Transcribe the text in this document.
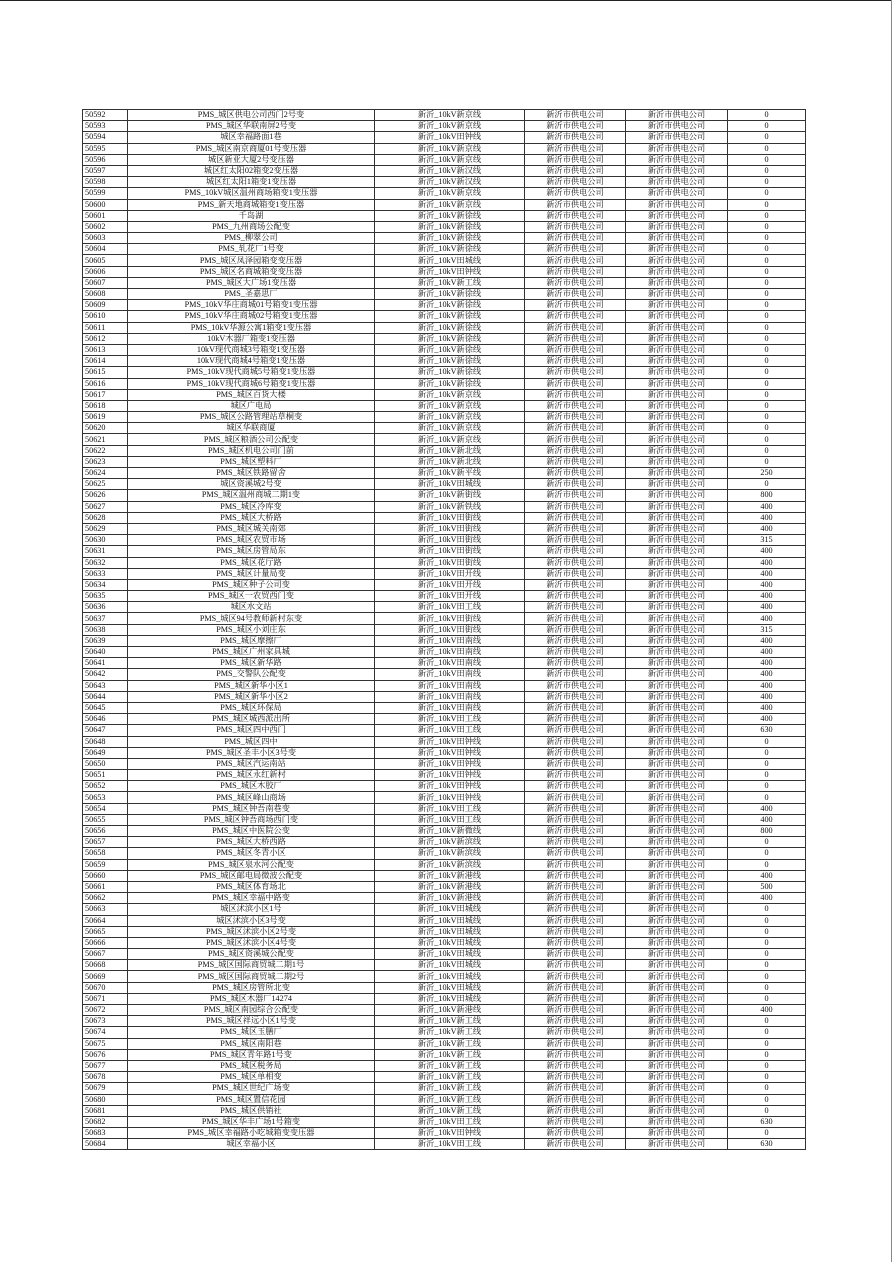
50592	PMS_城区供电公司西门2号变	新沂_10kV新京线	新沂市供电公司	新沂市供电公司	0
50593	PMS_城区华联南屏2号变	新沂_10kV新京线	新沂市供电公司	新沂市供电公司	0
50594	城区幸福路面1巷	新沂_10kV田钟线	新沂市供电公司	新沂市供电公司	0
50595	PMS_城区南京商厦01号变压器	新沂_10kV新京线	新沂市供电公司	新沂市供电公司	0
50596	城区新亚大厦2号变压器	新沂_10kV新京线	新沂市供电公司	新沂市供电公司	0
50597	城区红太阳02箱变2变压器	新沂_10kV新汉线	新沂市供电公司	新沂市供电公司	0
50598	城区红太阳1箱变1变压器	新沂_10kV新汉线	新沂市供电公司	新沂市供电公司	0
50599	PMS_10kV城区温州商场箱变1变压器	新沂_10kV新京线	新沂市供电公司	新沂市供电公司	0
50600	PMS_新天地商城箱变1变压器	新沂_10kV新京线	新沂市供电公司	新沂市供电公司	0
50601	千岛湖	新沂_10kV新徐线	新沂市供电公司	新沂市供电公司	0
50602	PMS_九州商场公配变	新沂_10kV新徐线	新沂市供电公司	新沂市供电公司	0
50603	PMS_柳翠公司	新沂_10kV新徐线	新沂市供电公司	新沂市供电公司	0
50604	PMS_轧花厂1号变	新沂_10kV新徐线	新沂市供电公司	新沂市供电公司	0
50605	PMS_城区凤泽园箱变变压器	新沂_10kV田城线	新沂市供电公司	新沂市供电公司	0
50606	PMS_城区名商城箱变变压器	新沂_10kV田钟线	新沂市供电公司	新沂市供电公司	0
50607	PMS_城区大广场1变压器	新沂_10kV新工线	新沂市供电公司	新沂市供电公司	0
50608	PMS_圣嘉思厂	新沂_10kV新徐线	新沂市供电公司	新沂市供电公司	0
50609	PMS_10kV华庄商城01号箱变1变压器	新沂_10kV新徐线	新沂市供电公司	新沂市供电公司	0
50610	PMS_10kV华庄商城02号箱变1变压器	新沂_10kV新徐线	新沂市供电公司	新沂市供电公司	0
50611	PMS_10kV华源公寓1箱变1变压器	新沂_10kV新徐线	新沂市供电公司	新沂市供电公司	0
50612	10kV木器厂箱变1变压器	新沂_10kV新徐线	新沂市供电公司	新沂市供电公司	0
50613	10kV现代商城3号箱变1变压器	新沂_10kV新徐线	新沂市供电公司	新沂市供电公司	0
50614	10kV现代商城4号箱变1变压器	新沂_10kV新徐线	新沂市供电公司	新沂市供电公司	0
50615	PMS_10kV现代商城5号箱变1变压器	新沂_10kV新徐线	新沂市供电公司	新沂市供电公司	0
50616	PMS_10kV现代商城6号箱变1变压器	新沂_10kV新徐线	新沂市供电公司	新沂市供电公司	0
50617	PMS_城区百货大楼	新沂_10kV新京线	新沂市供电公司	新沂市供电公司	0
50618	城区广电局	新沂_10kV新京线	新沂市供电公司	新沂市供电公司	0
50619	PMS_城区公路管理站草桐变	新沂_10kV新京线	新沂市供电公司	新沂市供电公司	0
50620	城区华联商厦	新沂_10kV新京线	新沂市供电公司	新沂市供电公司	0
50621	PMS_城区粮酒公司公配变	新沂_10kV新京线	新沂市供电公司	新沂市供电公司	0
50622	PMS_城区机电公司门前	新沂_10kV新北线	新沂市供电公司	新沂市供电公司	0
50623	PMS_城区塑料厂	新沂_10kV新北线	新沂市供电公司	新沂市供电公司	0
50624	PMS_城区铁路留舍	新沂_10kV新平线	新沂市供电公司	新沂市供电公司	250
50625	城区资溪城2号变	新沂_10kV田城线	新沂市供电公司	新沂市供电公司	0
50626	PMS_城区温州商城二期1变	新沂_10kV新街线	新沂市供电公司	新沂市供电公司	800
50627	PMS_城区冷库变	新沂_10kV新铁线	新沂市供电公司	新沂市供电公司	400
50628	PMS_城区大桥路	新沂_10kV田街线	新沂市供电公司	新沂市供电公司	400
50629	PMS_城区城关南郊	新沂_10kV田街线	新沂市供电公司	新沂市供电公司	400
50630	PMS_城区农贸市场	新沂_10kV田街线	新沂市供电公司	新沂市供电公司	315
50631	PMS_城区房管局东	新沂_10kV田街线	新沂市供电公司	新沂市供电公司	400
50632	PMS_城区花厅路	新沂_10kV田街线	新沂市供电公司	新沂市供电公司	400
50633	PMS_城区计量局变	新沂_10kV田开线	新沂市供电公司	新沂市供电公司	400
50634	PMS_城区种子公司变	新沂_10kV田开线	新沂市供电公司	新沂市供电公司	400
50635	PMS_城区一农贸西门变	新沂_10kV田开线	新沂市供电公司	新沂市供电公司	400
50636	城区水文站	新沂_10kV田工线	新沂市供电公司	新沂市供电公司	400
50637	PMS_城区94号教师新村东变	新沂_10kV田街线	新沂市供电公司	新沂市供电公司	400
50638	PMS_城区小刘庄东	新沂_10kV田街线	新沂市供电公司	新沂市供电公司	315
50639	PMS_城区摩擦厂	新沂_10kV田南线	新沂市供电公司	新沂市供电公司	400
50640	PMS_城区广州家具城	新沂_10kV田南线	新沂市供电公司	新沂市供电公司	400
50641	PMS_城区新华路	新沂_10kV田南线	新沂市供电公司	新沂市供电公司	400
50642	PMS_交警队公配变	新沂_10kV田南线	新沂市供电公司	新沂市供电公司	400
50643	PMS_城区新华小区1	新沂_10kV田南线	新沂市供电公司	新沂市供电公司	400
50644	PMS_城区新华小区2	新沂_10kV田南线	新沂市供电公司	新沂市供电公司	400
50645	PMS_城区环保局	新沂_10kV田南线	新沂市供电公司	新沂市供电公司	400
50646	PMS_城区城西派出所	新沂_10kV田工线	新沂市供电公司	新沂市供电公司	400
50647	PMS_城区四中西门	新沂_10kV田工线	新沂市供电公司	新沂市供电公司	630
50648	PMS_城区四中	新沂_10kV田钟线	新沂市供电公司	新沂市供电公司	0
50649	PMS_城区圣丰小区3号变	新沂_10kV田钟线	新沂市供电公司	新沂市供电公司	0
50650	PMS_城区汽运南站	新沂_10kV田钟线	新沂市供电公司	新沂市供电公司	0
50651	PMS_城区永红新村	新沂_10kV田钟线	新沂市供电公司	新沂市供电公司	0
50652	PMS_城区木胶厂	新沂_10kV田钟线	新沂市供电公司	新沂市供电公司	0
50653	PMS_城区峰山商场	新沂_10kV田钟线	新沂市供电公司	新沂市供电公司	0
50654	PMS_城区钟吾南巷变	新沂_10kV田工线	新沂市供电公司	新沂市供电公司	400
50655	PMS_城区钟吾商场西门变	新沂_10kV田工线	新沂市供电公司	新沂市供电公司	400
50656	PMS_城区中医院公变	新沂_10kV新微线	新沂市供电公司	新沂市供电公司	800
50657	PMS_城区大桥西路	新沂_10kV新滨线	新沂市供电公司	新沂市供电公司	0
50658	PMS_城区冬青小区	新沂_10kV新滨线	新沂市供电公司	新沂市供电公司	0
50659	PMS_城区泉水河公配变	新沂_10kV新滨线	新沂市供电公司	新沂市供电公司	0
50660	PMS_城区邮电局微波公配变	新沂_10kV新港线	新沂市供电公司	新沂市供电公司	400
50661	PMS_城区体育场北	新沂_10kV新港线	新沂市供电公司	新沂市供电公司	500
50662	PMS_城区幸福中路变	新沂_10kV新港线	新沂市供电公司	新沂市供电公司	400
50663	城区沭滨小区1号	新沂_10kV田城线	新沂市供电公司	新沂市供电公司	0
50664	城区沭滨小区3号变	新沂_10kV田城线	新沂市供电公司	新沂市供电公司	0
50665	PMS_城区沭滨小区2号变	新沂_10kV田城线	新沂市供电公司	新沂市供电公司	0
50666	PMS_城区沭滨小区4号变	新沂_10kV田城线	新沂市供电公司	新沂市供电公司	0
50667	PMS_城区资溪城公配变	新沂_10kV田城线	新沂市供电公司	新沂市供电公司	0
50668	PMS_城区国际商贸城二期1号	新沂_10kV田城线	新沂市供电公司	新沂市供电公司	0
50669	PMS_城区国际商贸城二期2号	新沂_10kV田城线	新沂市供电公司	新沂市供电公司	0
50670	PMS_城区房管所北变	新沂_10kV田城线	新沂市供电公司	新沂市供电公司	0
50671	PMS_城区木器厂14274	新沂_10kV田城线	新沂市供电公司	新沂市供电公司	0
50672	PMS_城区南园综合公配变	新沂_10kV新港线	新沂市供电公司	新沂市供电公司	400
50673	PMS_城区祥远小区1号变	新沂_10kV新工线	新沂市供电公司	新沂市供电公司	0
50674	PMS_城区玉膳厂	新沂_10kV新工线	新沂市供电公司	新沂市供电公司	0
50675	PMS_城区南阳巷	新沂_10kV新工线	新沂市供电公司	新沂市供电公司	0
50676	PMS_城区青年路1号变	新沂_10kV新工线	新沂市供电公司	新沂市供电公司	0
50677	PMS_城区税务局	新沂_10kV新工线	新沂市供电公司	新沂市供电公司	0
50678	PMS_城区单相变	新沂_10kV新工线	新沂市供电公司	新沂市供电公司	0
50679	PMS_城区世纪广场变	新沂_10kV新工线	新沂市供电公司	新沂市供电公司	0
50680	PMS_城区置信花园	新沂_10kV新工线	新沂市供电公司	新沂市供电公司	0
50681	PMS_城区供销社	新沂_10kV新工线	新沂市供电公司	新沂市供电公司	0
50682	PMS_城区华丰广场1号箱变	新沂_10kV田工线	新沂市供电公司	新沂市供电公司	630
50683	PMS_城区幸福路小吃城箱变变压器	新沂_10kV田钟线	新沂市供电公司	新沂市供电公司	0
50684	城区幸福小区	新沂_10kV田工线	新沂市供电公司	新沂市供电公司	630
